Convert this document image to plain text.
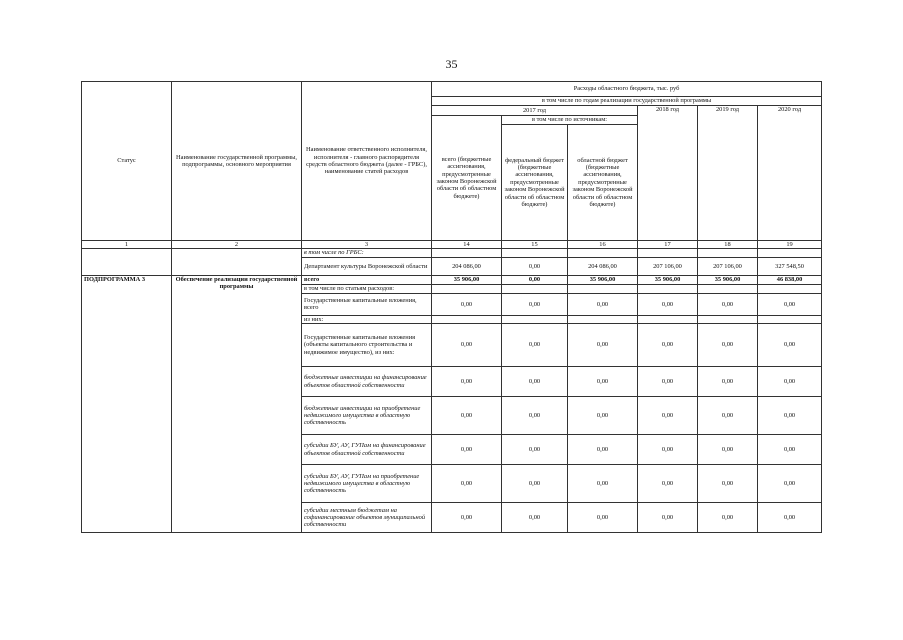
35
Статус	Наименование государственной программы, подпрограммы, основного мероприятия	Наименование ответственного исполнителя, исполнителя - главного распорядителя средств областного бюджета (далее - ГРБС), наименование статей расходов	Расходы областного бюджета, тыс. руб					
			в том числе по годам реализации государственной программы					
			2017 год			2018 год	2019 год	2020 год
			всего (бюджетные ассигнования, предусмотренные законом Воронежской области об областном бюджете)	в том числе по источникам:				
				федеральный бюджет (бюджетные ассигнования, предусмотренные законом Воронежской области об областном бюджете)	областной бюджет (бюджетные ассигнования, предусмотренные законом Воронежской области об областном бюджете)			
1	2	3	14	15	16	17	18	19
		в том числе по ГРБС:						
		Департамент культуры Воронежской области	204 086,00	0,00	204 086,00	207 106,00	207 106,00	327 548,50
ПОДПРОГРАММА 3	Обеспечение реализации государственной программы	всего	35 906,00	0,00	35 906,00	35 906,00	35 906,00	46 838,00
		в том числе по статьям расходов:						
		Государственные капитальные вложения, всего	0,00	0,00	0,00	0,00	0,00	0,00
		из них:						
		Государственные капитальные вложения (объекты капитального строительства и недвижимое имущество), из них:	0,00	0,00	0,00	0,00	0,00	0,00
		бюджетные инвестиции на финансирование объектов областной собственности	0,00	0,00	0,00	0,00	0,00	0,00
		бюджетные инвестиции на приобретение недвижимого имущества в областную собственность	0,00	0,00	0,00	0,00	0,00	0,00
		субсидии БУ, АУ, ГУПам на финансирование объектов областной собственности	0,00	0,00	0,00	0,00	0,00	0,00
		субсидии БУ, АУ, ГУПам на приобретение недвижимого имущества в областную собственность	0,00	0,00	0,00	0,00	0,00	0,00
		субсидии местным бюджетам на софинансирование объектов муниципальной собственности	0,00	0,00	0,00	0,00	0,00	0,00
